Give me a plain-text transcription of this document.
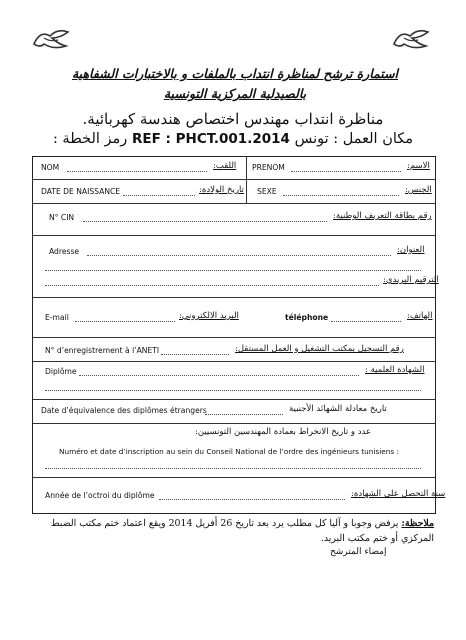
استمارة ترشح لمناظرة انتداب بالملفات و بالاختبارات الشفاهية
بالصيدلية المركزية التونسية
مناظرة انتداب مهندس اختصاص هندسة كهربائية.
رمز الخطة : REF : PHCT.001.2014 مكان العمل : تونس
NOM	اللقب: PRENOM	الاسم:
DATE DE NAISSANCE	تاريخ الولادة: SEXE	الجنس:
N° CIN	رقم بطاقة التعريف الوطنية:
Adresse	العنوان:
الترقيم البريدي:
E-mail	البريد الالكتروني:	téléphone	الهاتف:
N° d’enregistrement à l’ANETI	رقم التسجيل بمكتب التشغيل و العمل المستقل:
Diplôme	الشهادة العلمية :
Date d’équivalence des diplômes étrangers	تاريخ معادلة الشهائد الأجنبية
عدد و تاريخ الانخراط بعمادة المهندسين التونسيين:
Numéro et date d’inscription au sein du Conseil National de l’ordre des ingénieurs tunisiens :
Année de l’octroi du diplôme	سنة التحصل على الشهادة:
ملاحظة: يرفض وجوبا و آليا كل مطلب يرد بعد تاريخ 26 أفريل 2014 ويقع اعتماد ختم مكتب الضبط المركزي أو ختم مكتب البريد.
إمضاء المترشح
